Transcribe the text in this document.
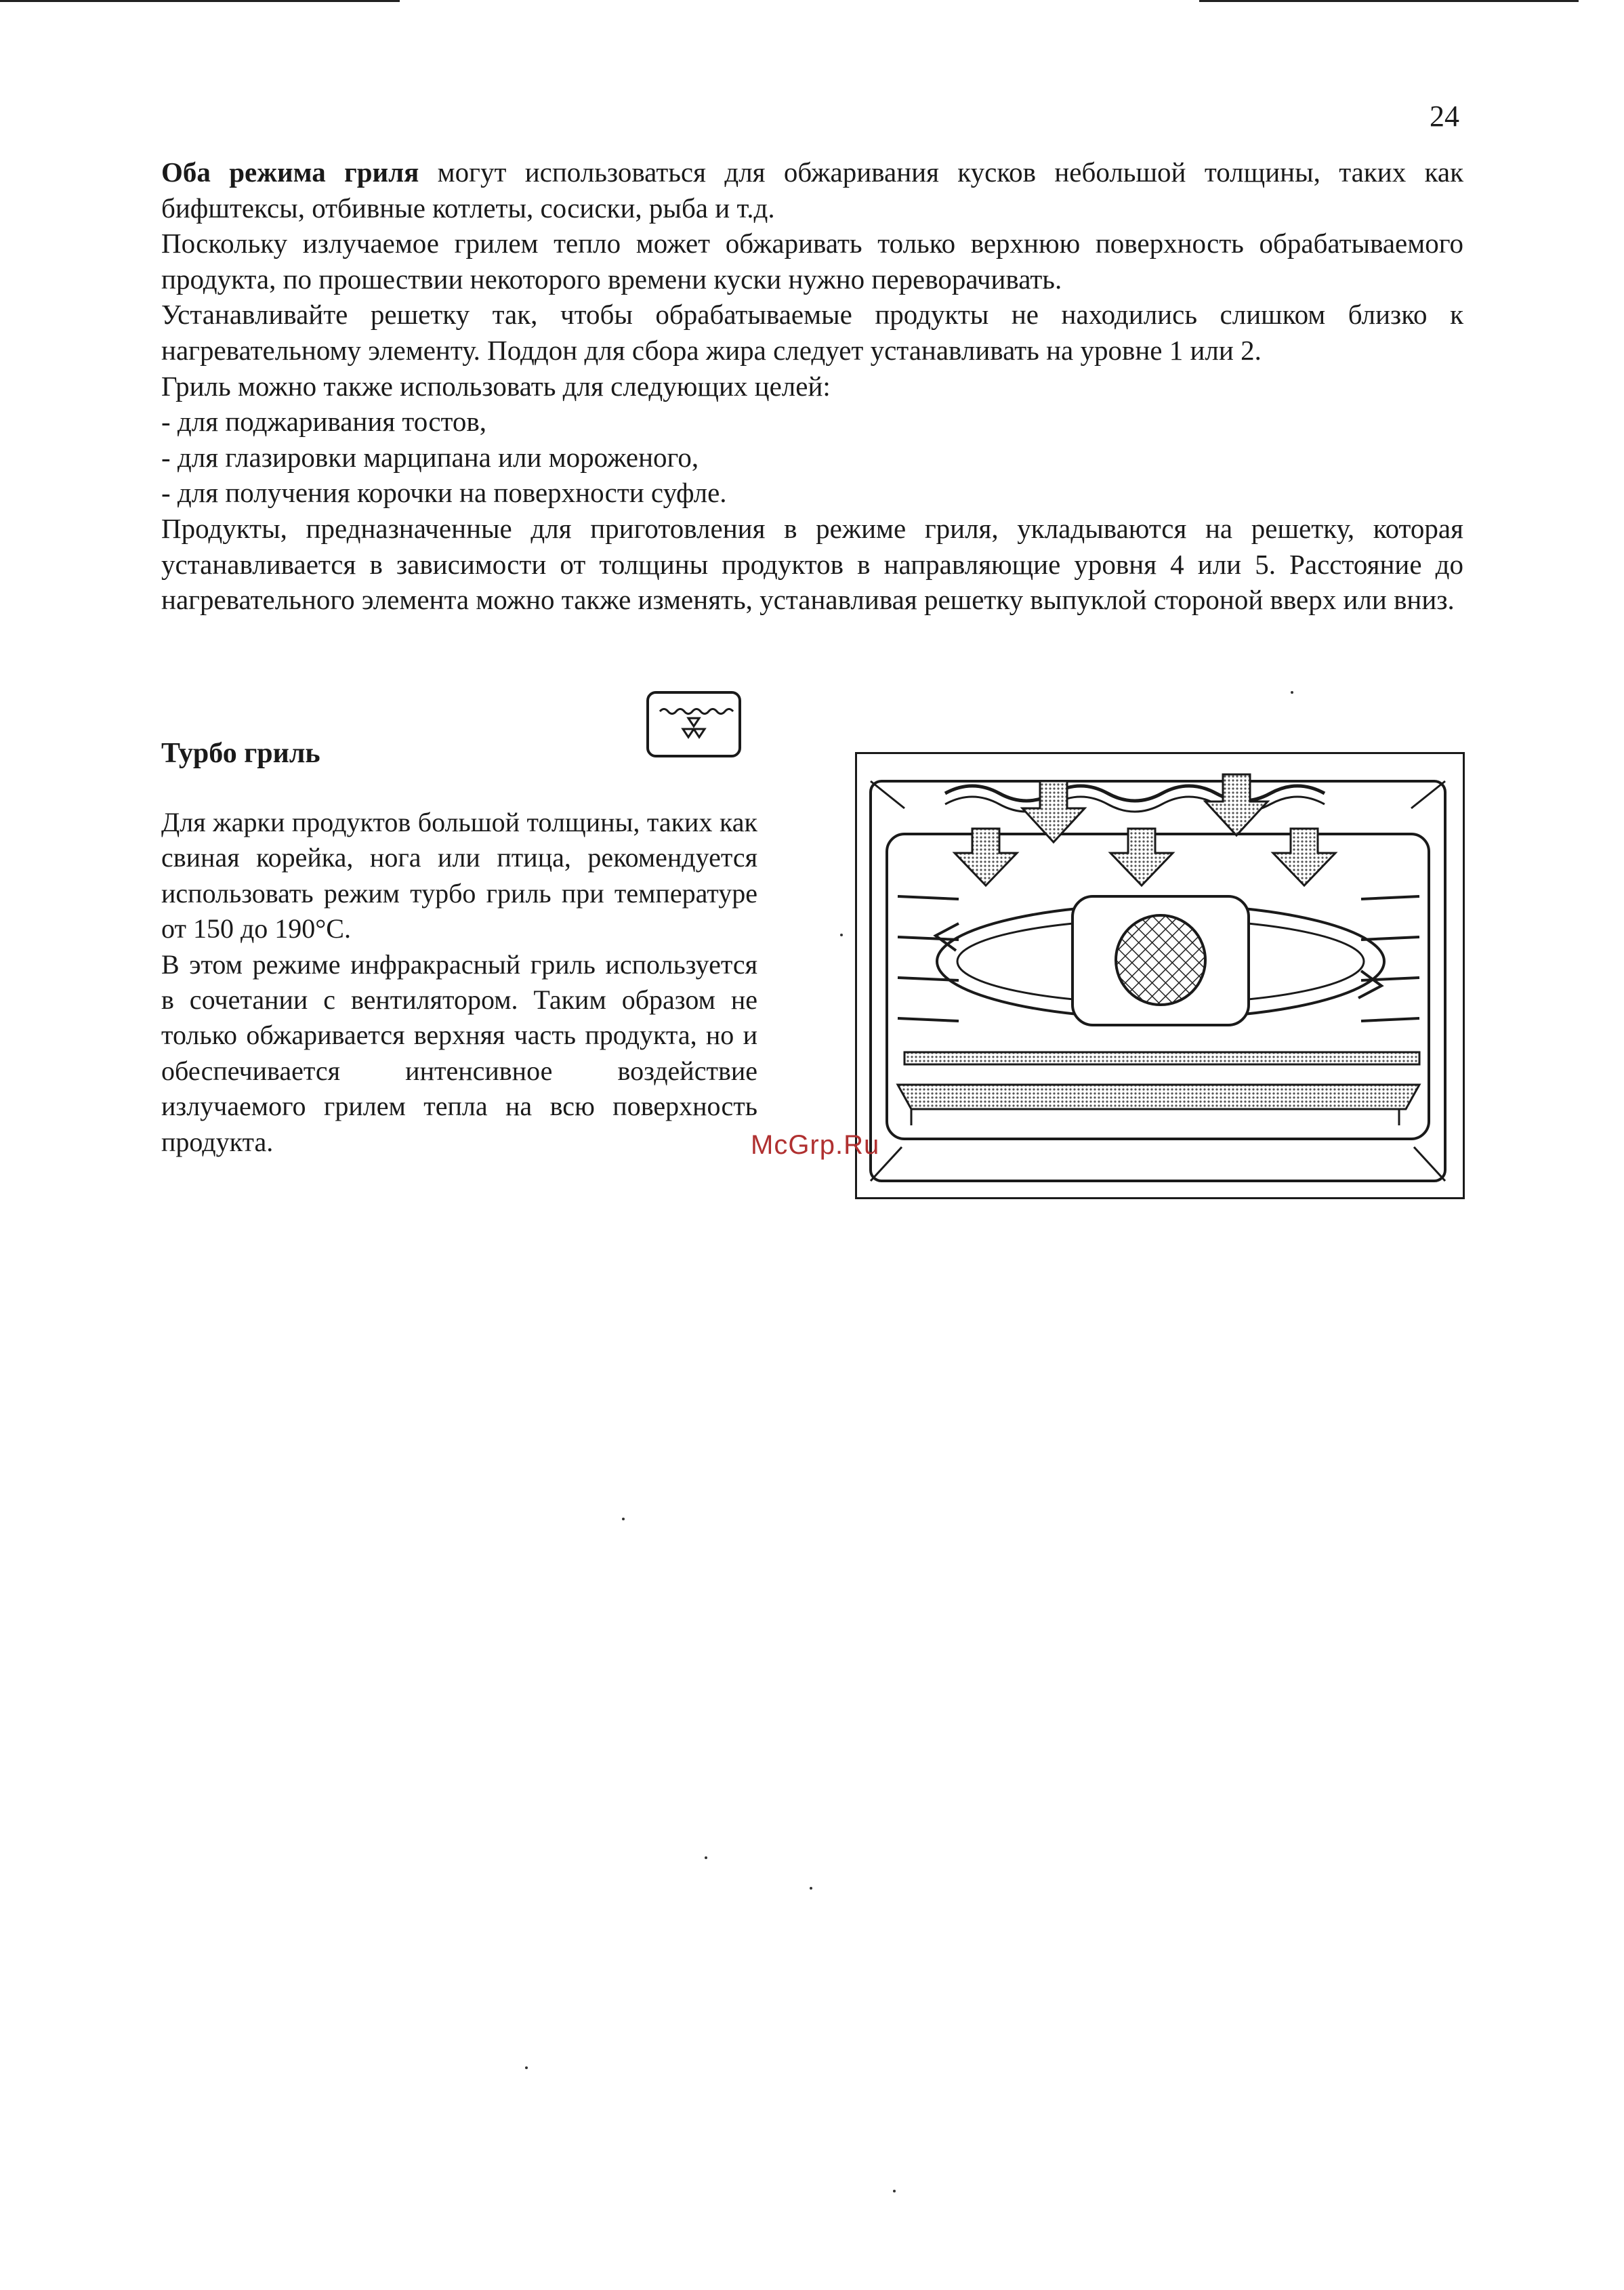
24

Оба режима гриля могут использоваться для обжаривания кусков небольшой толщины, таких как бифштексы, отбивные котлеты, сосиски, рыба и т.д.

Поскольку излучаемое грилем тепло может обжаривать только верхнюю поверхность обрабатываемого продукта, по прошествии некоторого времени куски нужно переворачивать.

Устанавливайте решетку так, чтобы обрабатываемые продукты не находились слишком близко к нагревательному элементу. Поддон для сбора жира следует устанавливать на уровне 1 или 2.

Гриль можно также использовать для следующих целей:

- для поджаривания тостов,

- для глазировки марципана или мороженого,

- для получения корочки на поверхности суфле.

Продукты, предназначенные для приготовления в режиме гриля, укладываются на решетку, которая устанавливается в зависимости от толщины продуктов в направляющие уровня 4 или 5. Расстояние до нагревательного элемента можно также изменять, устанавливая решетку выпуклой стороной вверх или вниз.

Турбо гриль

Для жарки продуктов большой толщины, таких как свиная корейка, нога или птица, рекомендуется использовать режим турбо гриль при температуре от 150 до 190°C.

В этом режиме инфракрасный гриль используется в сочетании с вентилятором. Таким образом не только обжаривается верхняя часть продукта, но и обеспечивается интенсивное воздействие излучаемого грилем тепла на всю поверхность продукта.	McGrp.Ru
